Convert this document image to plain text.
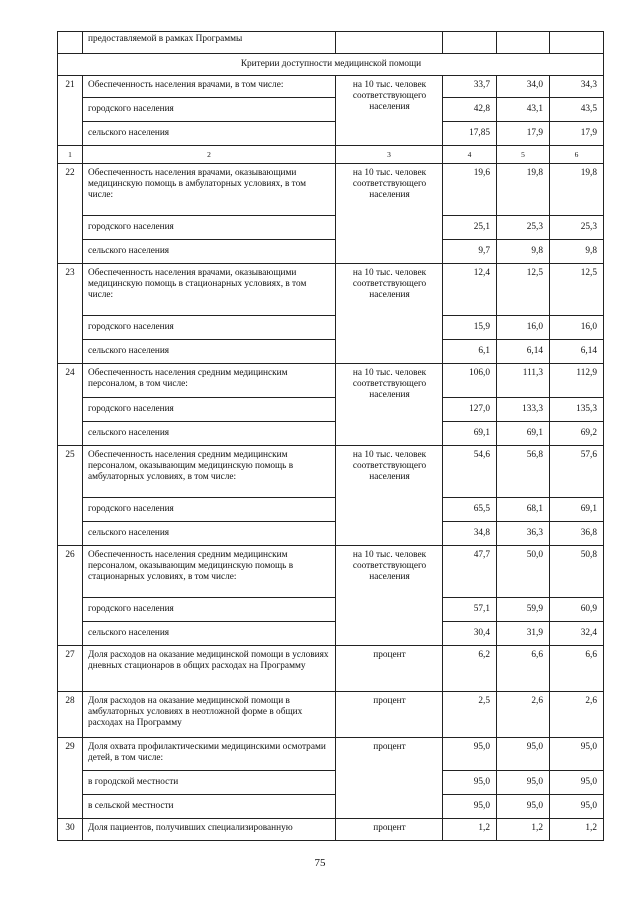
	предоставляемой в рамках Программы				
Критерии доступности медицинской помощи					
21	Обеспеченность населения врачами, в том числе:	на 10 тыс. человек соответствующего населения	33,7	34,0	34,3
	городского населения		42,8	43,1	43,5
	сельского населения		17,85	17,9	17,9
1	2	3	4	5	6
22	Обеспеченность населения врачами, оказывающими медицинскую помощь в амбулаторных условиях, в том числе:	на 10 тыс. человек соответствующего населения	19,6	19,8	19,8
	городского населения		25,1	25,3	25,3
	сельского населения		9,7	9,8	9,8
23	Обеспеченность населения врачами, оказывающими медицинскую помощь в стационарных условиях, в том числе:	на 10 тыс. человек соответствующего населения	12,4	12,5	12,5
	городского населения		15,9	16,0	16,0
	сельского населения		6,1	6,14	6,14
24	Обеспеченность населения средним медицинским персоналом, в том числе:	на 10 тыс. человек соответствующего населения	106,0	111,3	112,9
	городского населения		127,0	133,3	135,3
	сельского населения		69,1	69,1	69,2
25	Обеспеченность населения средним медицинским персоналом, оказывающим медицинскую помощь в амбулаторных условиях, в том числе:	на 10 тыс. человек соответствующего населения	54,6	56,8	57,6
	городского населения		65,5	68,1	69,1
	сельского населения		34,8	36,3	36,8
26	Обеспеченность населения средним медицинским персоналом, оказывающим медицинскую помощь в стационарных условиях, в том числе:	на 10 тыс. человек соответствующего населения	47,7	50,0	50,8
	городского населения		57,1	59,9	60,9
	сельского населения		30,4	31,9	32,4
27	Доля расходов на оказание медицинской помощи в условиях дневных стационаров в общих расходах на Программу	процент	6,2	6,6	6,6
28	Доля расходов на оказание медицинской помощи в амбулаторных условиях в неотложной форме в общих расходах на Программу	процент	2,5	2,6	2,6
29	Доля охвата профилактическими медицинскими осмотрами детей, в том числе:	процент	95,0	95,0	95,0
	в городской местности		95,0	95,0	95,0
	в сельской местности		95,0	95,0	95,0
30	Доля пациентов, получивших специализированную	процент	1,2	1,2	1,2
75
